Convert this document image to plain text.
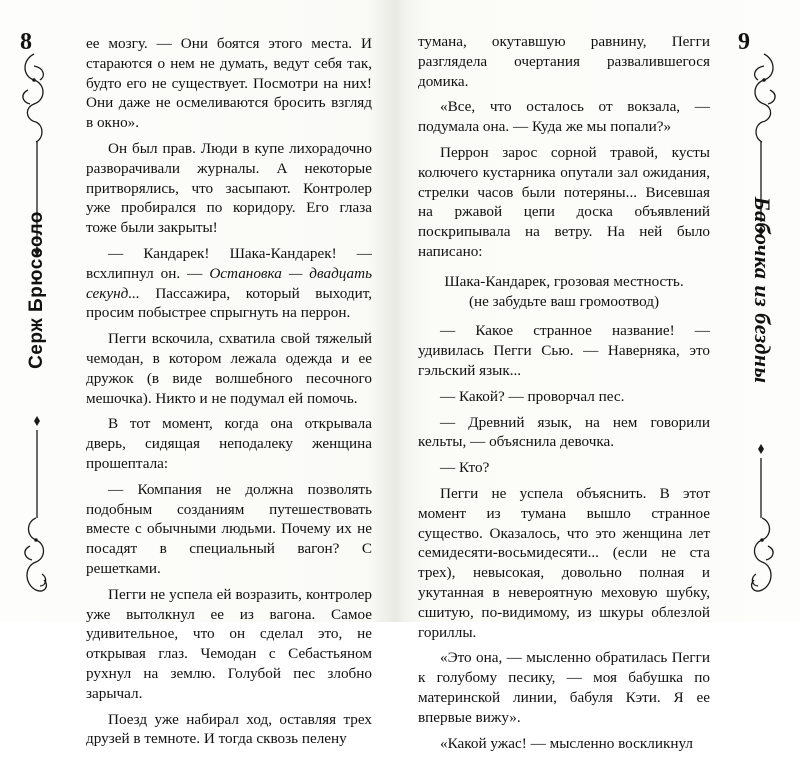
8
Серж Брюссоло

ее мозгу. — Они боятся этого места. И стараются о нем не думать, ведут себя так, будто его не существует. Посмотри на них! Они даже не осмеливаются бросить взгляд в окно».

Он был прав. Люди в купе лихорадочно разворачивали журналы. А некоторые притворялись, что засыпают. Контролер уже пробирался по коридору. Его глаза тоже были закрыты!

— Кандарек! Шака-Кандарек! — всхлипнул он. — Остановка — двадцать секунд... Пассажира, который выходит, просим побыстрее спрыгнуть на перрон.

Пегги вскочила, схватила свой тяжелый чемодан, в котором лежала одежда и ее дружок (в виде волшебного песочного мешочка). Никто и не подумал ей помочь.

В тот момент, когда она открывала дверь, сидящая неподалеку женщина прошептала:

— Компания не должна позволять подобным созданиям путешествовать вместе с обычными людьми. Почему их не посадят в специальный вагон? С решетками.

Пегги не успела ей возразить, контролер уже вытолкнул ее из вагона. Самое удивительное, что он сделал это, не открывая глаз. Чемодан с Себастьяном рухнул на землю. Голубой пес злобно зарычал.

Поезд уже набирал ход, оставляя трех друзей в темноте. И тогда сквозь пелену

9
Бабочка из бездны

тумана, окутавшую равнину, Пегги разглядела очертания развалившегося домика.

«Все, что осталось от вокзала, — подумала она. — Куда же мы попали?»

Перрон зарос сорной травой, кусты колючего кустарника опутали зал ожидания, стрелки часов были потеряны... Висевшая на ржавой цепи доска объявлений поскрипывала на ветру. На ней было написано:

Шака-Кандарек, грозовая местность.
(не забудьте ваш громоотвод)

— Какое странное название! — удивилась Пегги Сью. — Наверняка, это гэльский язык...

— Какой? — проворчал пес.

— Древний язык, на нем говорили кельты, — объяснила девочка.

— Кто?

Пегги не успела объяснить. В этот момент из тумана вышло странное существо. Оказалось, что это женщина лет семидесяти-восьмидесяти... (если не ста трех), невысокая, довольно полная и укутанная в невероятную меховую шубку, сшитую, по-видимому, из шкуры облезлой гориллы.

«Это она, — мысленно обратилась Пегги к голубому песику, — моя бабушка по материнской линии, бабуля Кэти. Я ее впервые вижу».

«Какой ужас! — мысленно воскликнул
